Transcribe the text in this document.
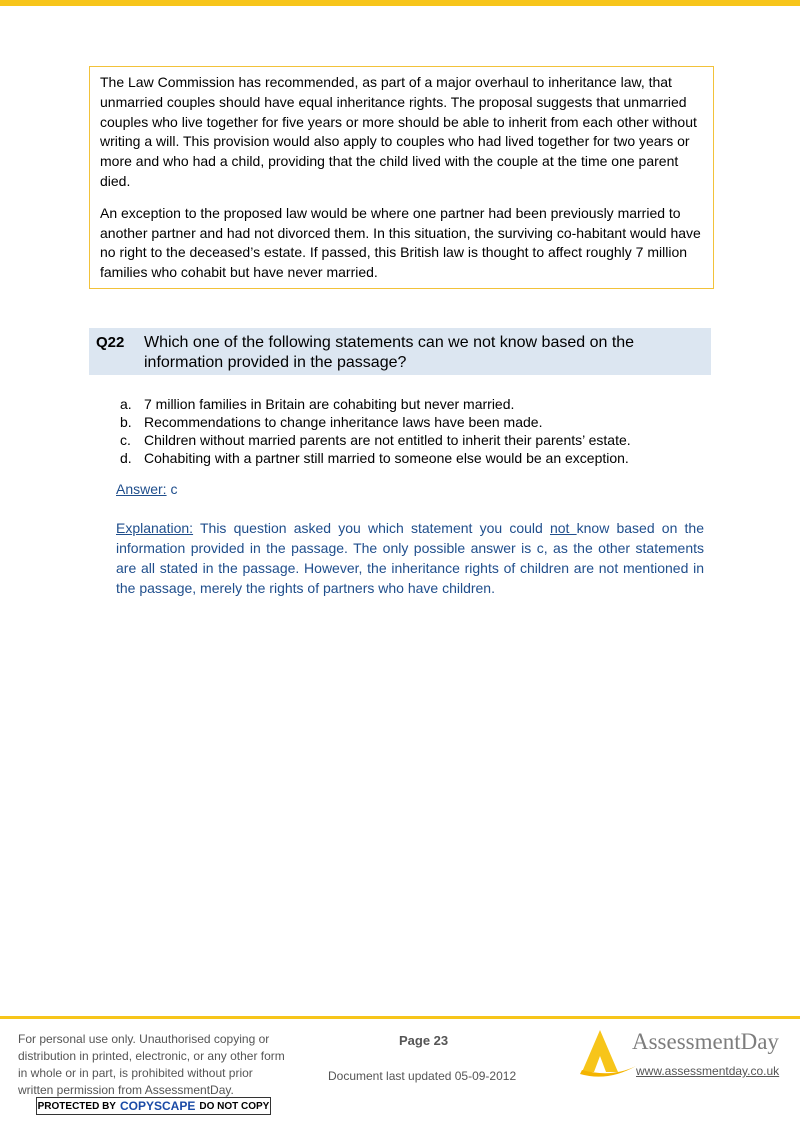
The Law Commission has recommended, as part of a major overhaul to inheritance law, that unmarried couples should have equal inheritance rights. The proposal suggests that unmarried couples who live together for five years or more should be able to inherit from each other without writing a will. This provision would also apply to couples who had lived together for two years or more and who had a child, providing that the child lived with the couple at the time one parent died.

An exception to the proposed law would be where one partner had been previously married to another partner and had not divorced them. In this situation, the surviving co-habitant would have no right to the deceased’s estate. If passed, this British law is thought to affect roughly 7 million families who cohabit but have never married.

Q22 Which one of the following statements can we not know based on the information provided in the passage?
a. 7 million families in Britain are cohabiting but never married.
b. Recommendations to change inheritance laws have been made.
c. Children without married parents are not entitled to inherit their parents’ estate.
d. Cohabiting with a partner still married to someone else would be an exception.
Answer: c
Explanation: This question asked you which statement you could not know based on the information provided in the passage. The only possible answer is c, as the other statements are all stated in the passage. However, the inheritance rights of children are not mentioned in the passage, merely the rights of partners who have children.
For personal use only. Unauthorised copying or distribution in printed, electronic, or any other form in whole or in part, is prohibited without prior written permission from AssessmentDay.
PROTECTED BY COPYSCAPE DO NOT COPY
Page 23
Document last updated 05-09-2012
AssessmentDay
www.assessmentday.co.uk
